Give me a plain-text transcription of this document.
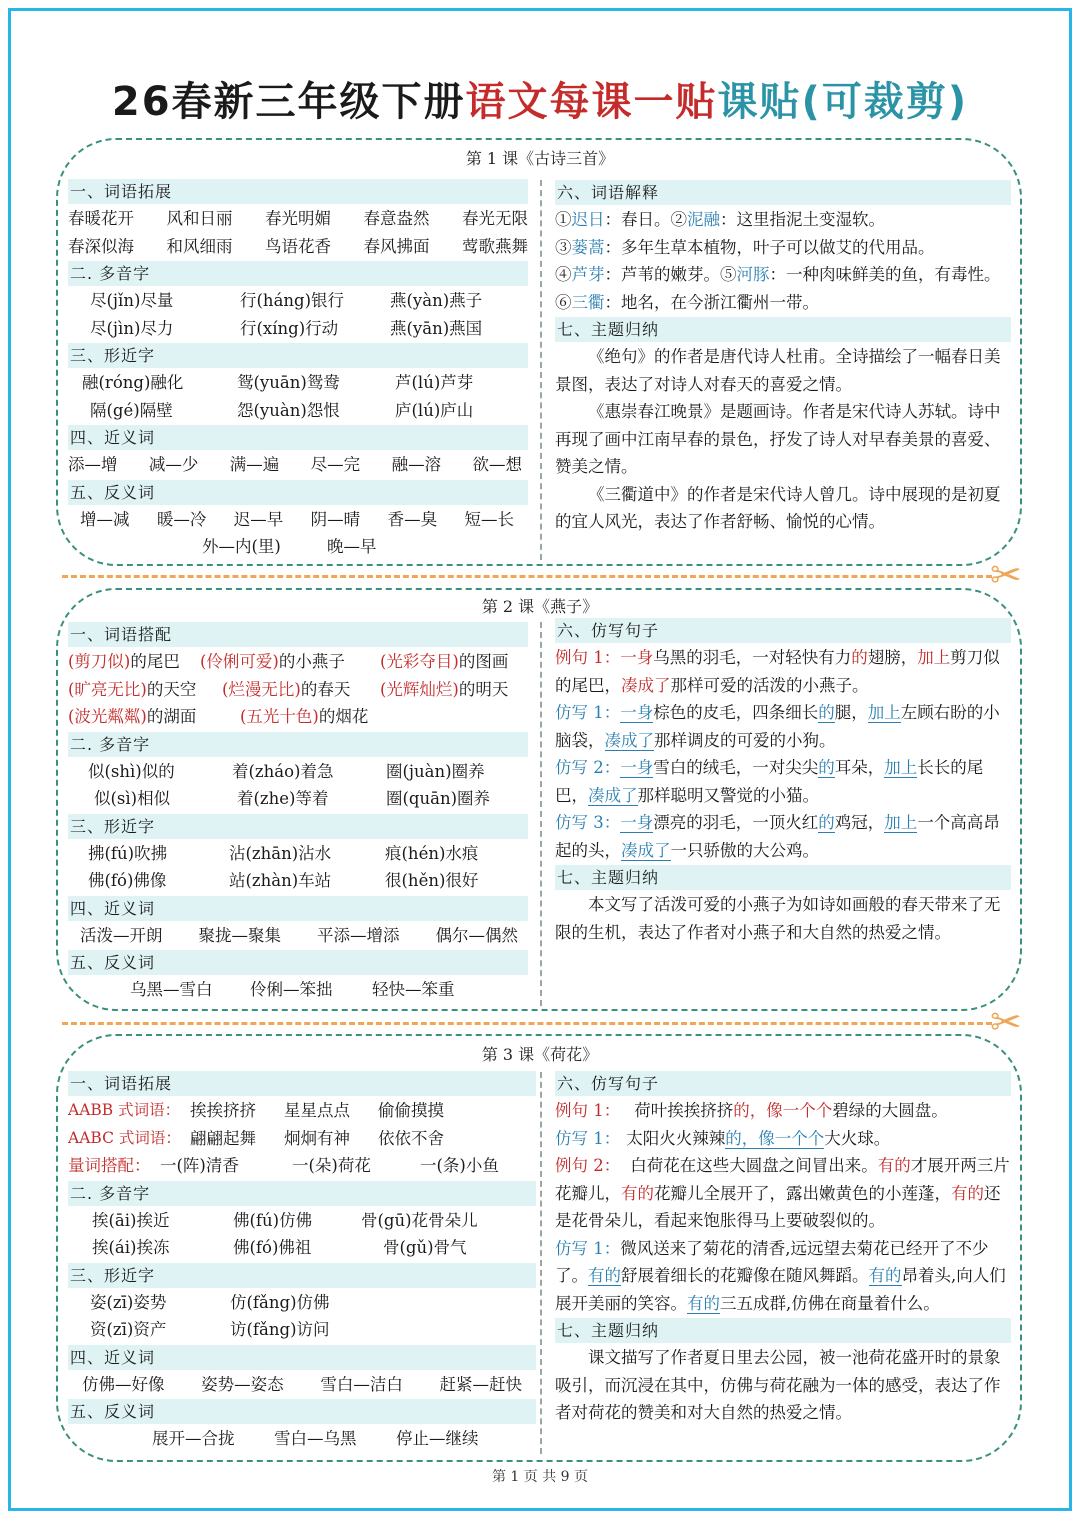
26春新三年级下册语文每课一贴课贴(可裁剪)
第 1 课《古诗三首》
一、词语拓展
春暖花开 风和日丽 春光明媚 春意盎然 春光无限
春深似海 和风细雨 鸟语花香 春风拂面 莺歌燕舞
二. 多音字
尽(jǐn)尽量	行(háng)银行	燕(yàn)燕子
尽(jìn)尽力	行(xíng)行动	燕(yān)燕国
三、形近字
融(róng)融化	鸳(yuān)鸳鸯	芦(lú)芦芽
隔(gé)隔壁	怨(yuàn)怨恨	庐(lú)庐山
四、近义词
添—增 减—少 满—遍 尽—完 融—溶 欲—想
五、反义词
增—减 暖—冷 迟—早 阴—晴 香—臭 短—长
外—内(里)	晚—早
六、词语解释
①迟日：春日。②泥融：这里指泥土变湿软。
③蒌蒿：多年生草本植物，叶子可以做艾的代用品。
④芦芽：芦苇的嫩芽。⑤河豚：一种肉味鲜美的鱼，有毒性。⑥三衢：地名，在今浙江衢州一带。
七、主题归纳
《绝句》的作者是唐代诗人杜甫。全诗描绘了一幅春日美景图，表达了对诗人对春天的喜爱之情。
《惠崇春江晚景》是题画诗。作者是宋代诗人苏轼。诗中再现了画中江南早春的景色，抒发了诗人对早春美景的喜爱、赞美之情。
《三衢道中》的作者是宋代诗人曾几。诗中展现的是初夏的宜人风光，表达了作者舒畅、愉悦的心情。
✂
第 2 课《燕子》
一、词语搭配
(剪刀似)的尾巴	(伶俐可爱)的小燕子	(光彩夺目)的图画
(旷亮无比)的天空	(烂漫无比)的春天	(光辉灿烂)的明天
(波光粼粼)的湖面	(五光十色)的烟花
二. 多音字
似(shì)似的	着(zháo)着急	圈(juàn)圈养
似(sì)相似	着(zhe)等着	圈(quān)圈养
三、形近字
拂(fú)吹拂	沾(zhān)沾水	痕(hén)水痕
佛(fó)佛像	站(zhàn)车站	很(hěn)很好
四、近义词
活泼—开朗 聚拢—聚集 平添—增添 偶尔—偶然
五、反义词
乌黑—雪白	伶俐—笨拙	轻快—笨重
六、仿写句子
例句 1：一身乌黑的羽毛，一对轻快有力的翅膀，加上剪刀似的尾巴，凑成了那样可爱的活泼的小燕子。
仿写 1：一身棕色的皮毛，四条细长的腿，加上左顾右盼的小脑袋，凑成了那样调皮的可爱的小狗。
仿写 2：一身雪白的绒毛，一对尖尖的耳朵，加上长长的尾巴，凑成了那样聪明又警觉的小猫。
仿写 3：一身漂亮的羽毛，一顶火红的鸡冠，加上一个高高昂起的头，凑成了一只骄傲的大公鸡。
七、主题归纳
本文写了活泼可爱的小燕子为如诗如画般的春天带来了无限的生机，表达了作者对小燕子和大自然的热爱之情。
✂
第 3 课《荷花》
一、词语拓展
AABB 式词语： 挨挨挤挤	星星点点	偷偷摸摸
AABC 式词语： 翩翩起舞	炯炯有神	依依不舍
量词搭配： 一(阵)清香	一(朵)荷花	一(条)小鱼
二. 多音字
挨(āi)挨近	佛(fú)仿佛	骨(gū)花骨朵儿
挨(ái)挨冻	佛(fó)佛祖	骨(gǔ)骨气
三、形近字
姿(zī)姿势	仿(fǎng)仿佛
资(zī)资产	访(fǎng)访问
四、近义词
仿佛—好像 姿势—姿态 雪白—洁白 赶紧—赶快
五、反义词
展开—合拢	雪白—乌黑	停止—继续
六、仿写句子
例句 1： 荷叶挨挨挤挤的，像一个个碧绿的大圆盘。
仿写 1： 太阳火火辣辣的，像一个个大火球。
例句 2： 白荷花在这些大圆盘之间冒出来。有的才展开两三片花瓣儿，有的花瓣儿全展开了，露出嫩黄色的小莲蓬，有的还是花骨朵儿，看起来饱胀得马上要破裂似的。
仿写 1：微风送来了菊花的清香,远远望去菊花已经开了不少了。有的舒展着细长的花瓣像在随风舞蹈。有的昂着头,向人们展开美丽的笑容。有的三五成群,仿佛在商量着什么。
七、主题归纳
课文描写了作者夏日里去公园，被一池荷花盛开时的景象吸引，而沉浸在其中，仿佛与荷花融为一体的感受，表达了作者对荷花的赞美和对大自然的热爱之情。
第 1 页 共 9 页
